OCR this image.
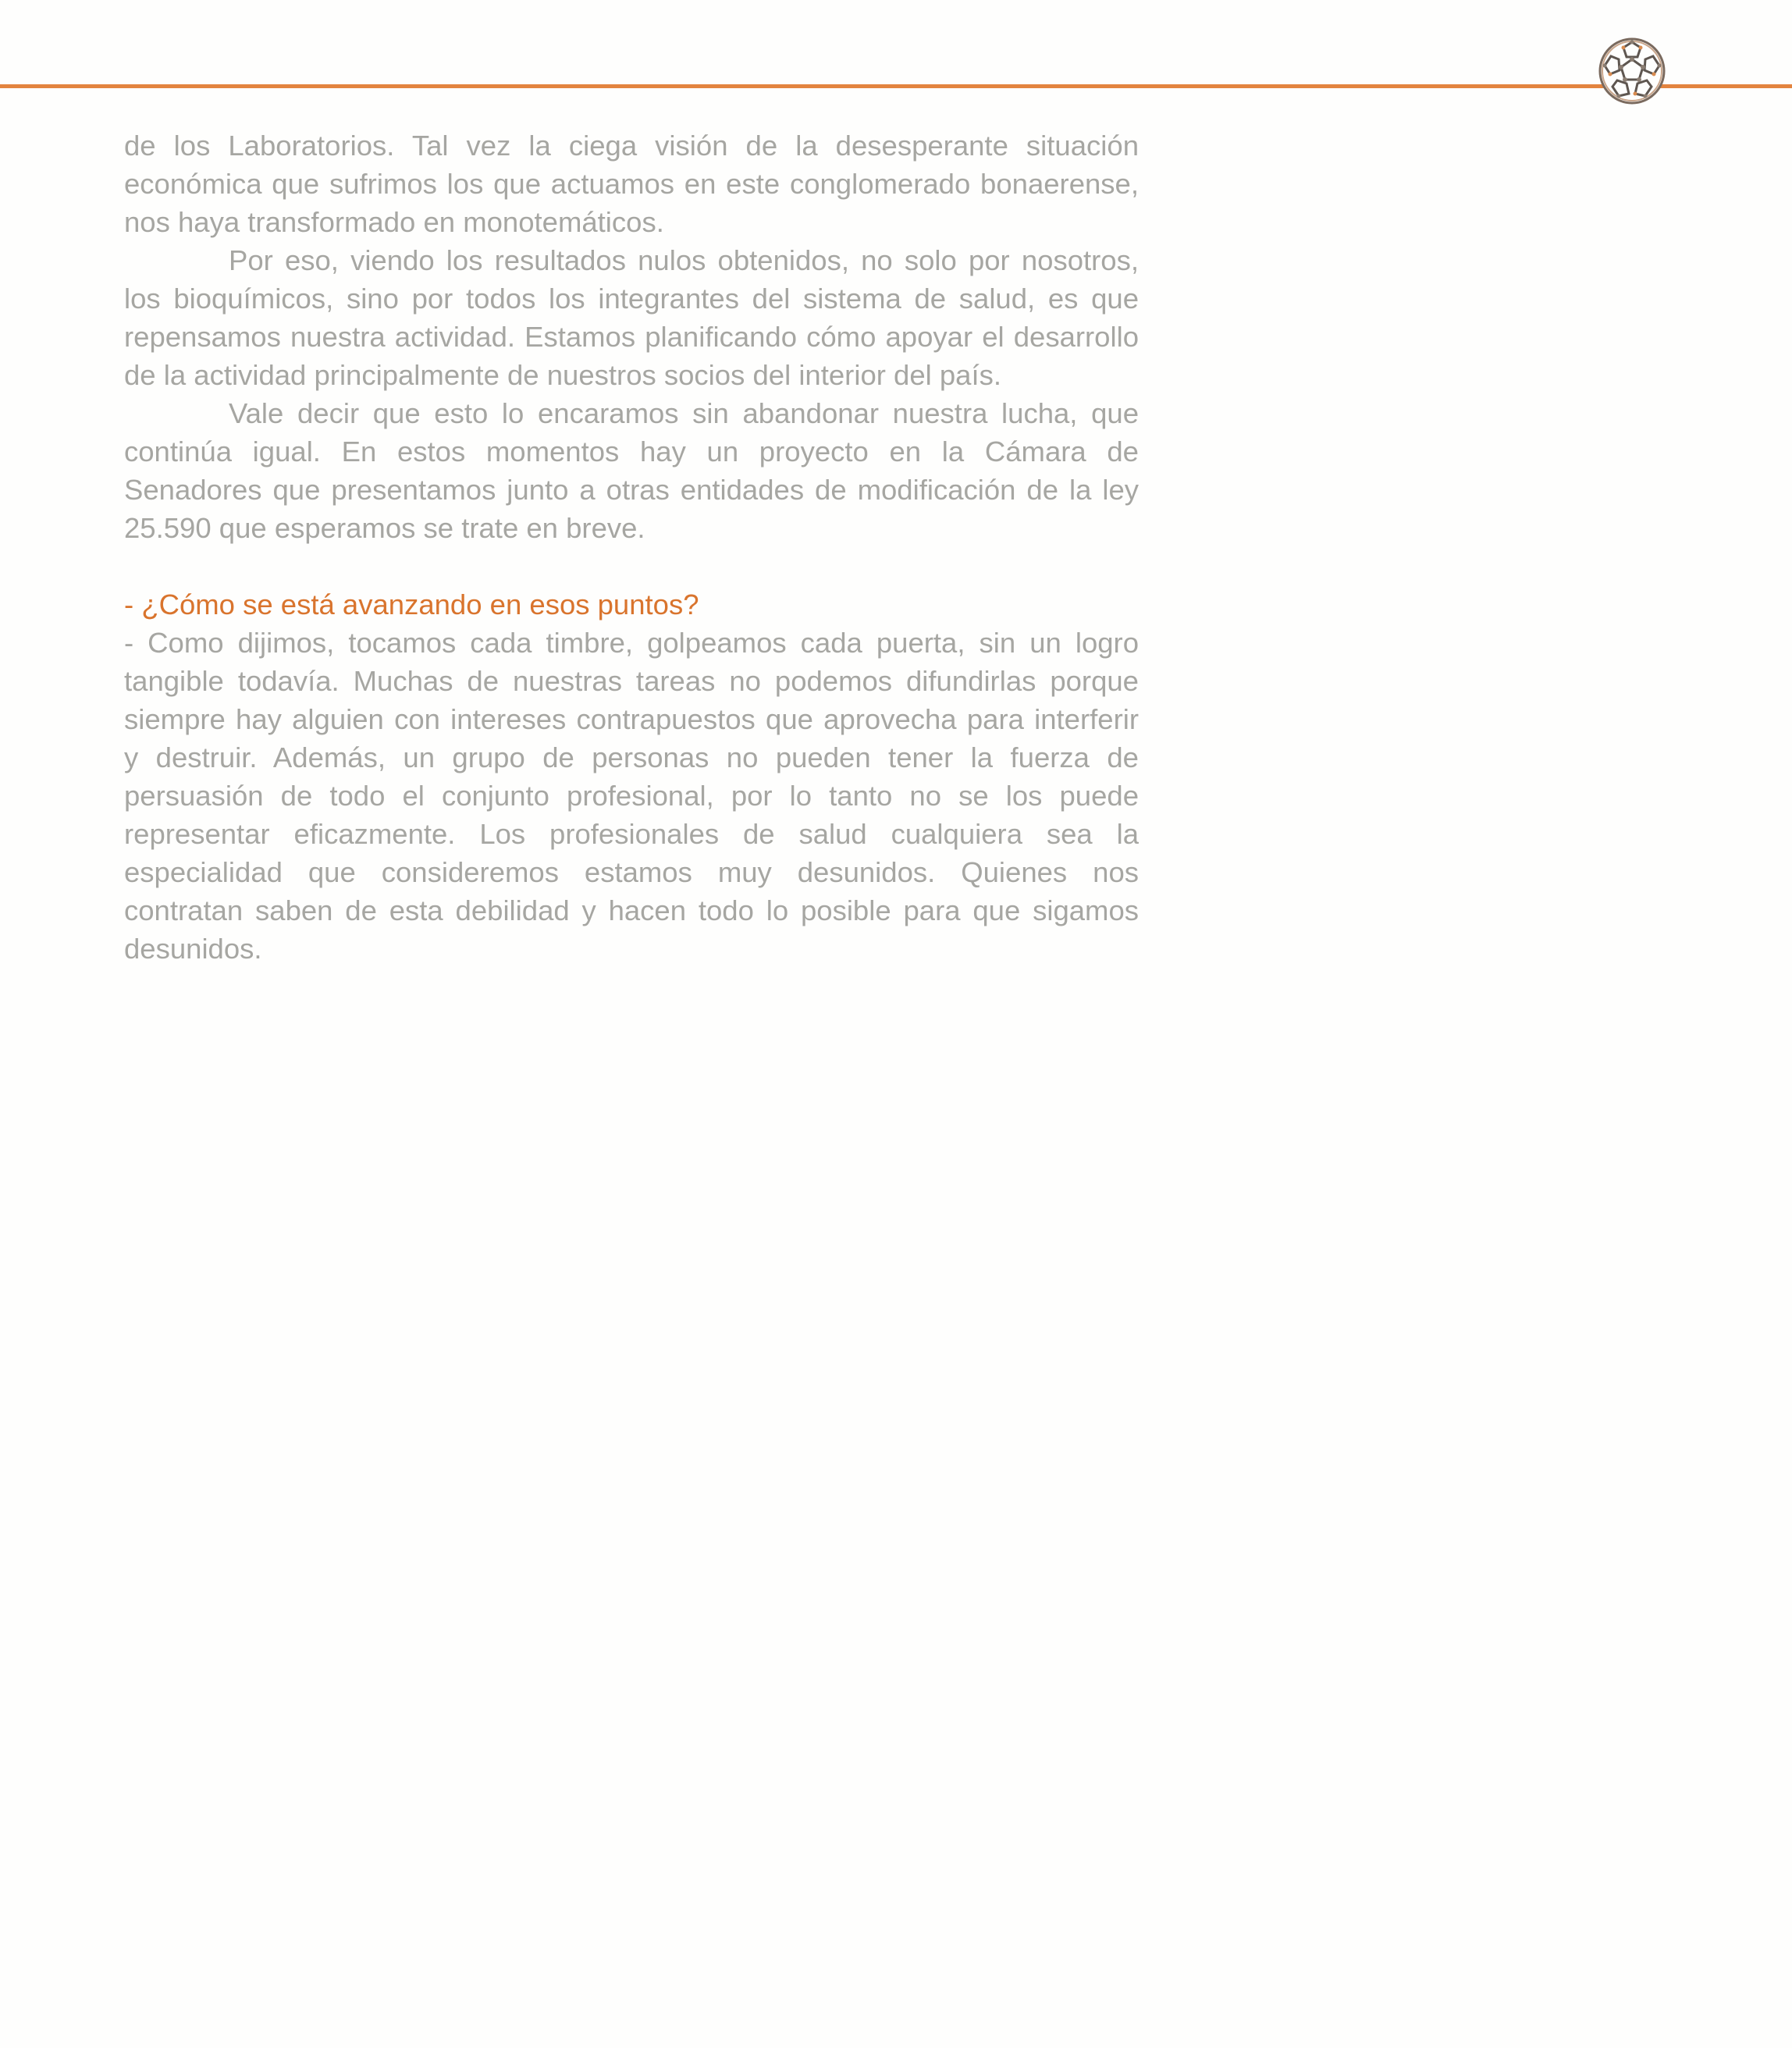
de los Laboratorios. Tal vez la ciega visión de la desesperante situación económica que sufrimos los que actuamos en este conglomerado bonaerense, nos haya transformado en monotemáticos.

Por eso, viendo los resultados nulos obtenidos, no solo por nosotros, los bioquímicos, sino por todos los integrantes del sistema de salud, es que repensamos nuestra actividad. Estamos planificando cómo apoyar el desarrollo de la actividad principalmente de nuestros socios del interior del país.

Vale decir que esto lo encaramos sin abandonar nuestra lucha, que continúa igual. En estos momentos hay un proyecto en la Cámara de Senadores que presentamos junto a otras entidades de modificación de la ley 25.590 que esperamos se trate en breve.

- ¿Cómo se está avanzando en esos puntos?

- Como dijimos, tocamos cada timbre, golpeamos cada puerta, sin un logro tangible todavía. Muchas de nuestras tareas no podemos difundirlas porque siempre hay alguien con intereses contrapuestos que aprovecha para interferir y destruir. Además, un grupo de personas no pueden tener la fuerza de persuasión de todo el conjunto profesional, por lo tanto no se los puede representar eficazmente. Los profesionales de salud cualquiera sea la especialidad que consideremos estamos muy desunidos. Quienes nos contratan saben de esta debilidad y hacen todo lo posible para que sigamos desunidos.
